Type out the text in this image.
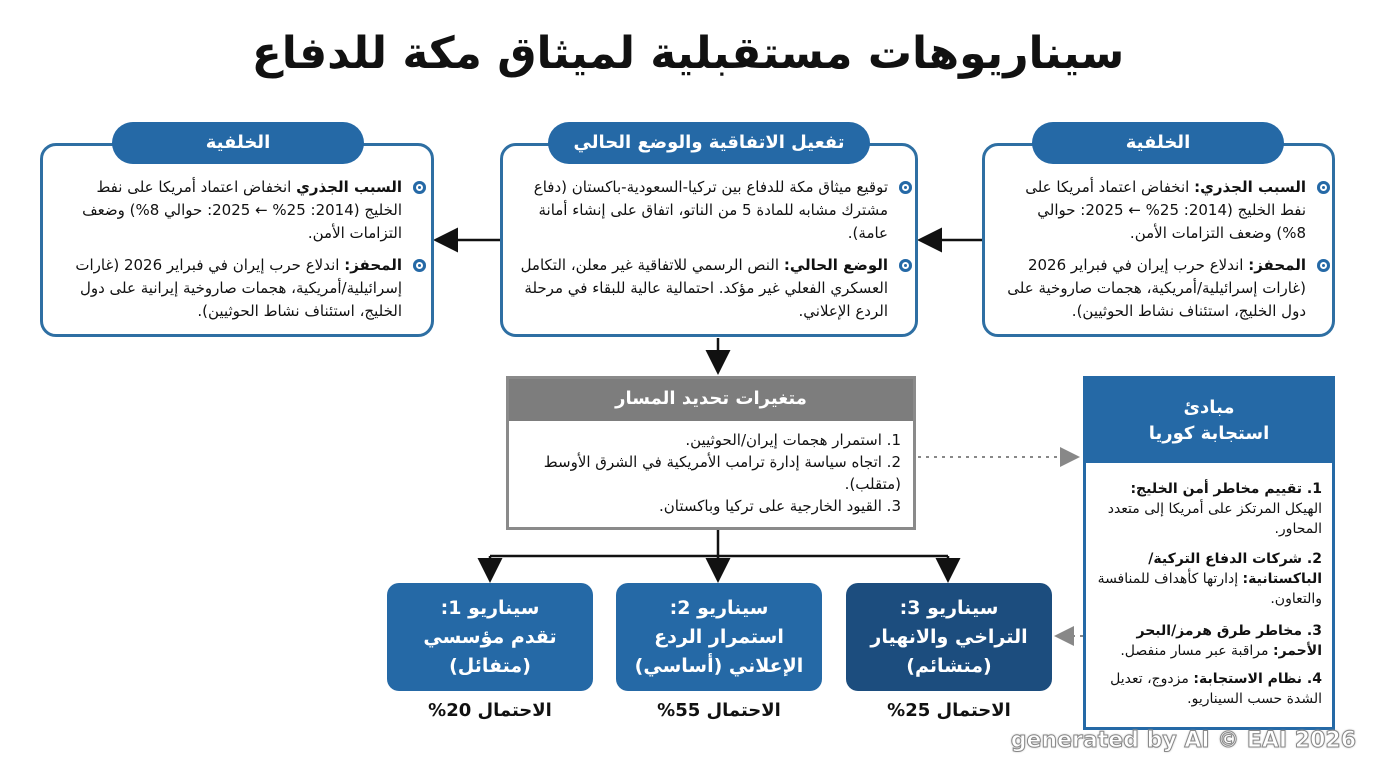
سيناريوهات مستقبلية لميثاق مكة للدفاع
الخلفية
السبب الجذري انخفاض اعتماد أمريكا على نفط الخليج (2014: 25% ← 2025: حوالي 8%) وضعف التزامات الأمن.
المحفز: اندلاع حرب إيران في فبراير 2026 (غارات إسرائيلية/أمريكية، هجمات صاروخية إيرانية على دول الخليج، استئناف نشاط الحوثيين).
تفعيل الاتفاقية والوضع الحالي
توقيع ميثاق مكة للدفاع بين تركيا-السعودية-باكستان (دفاع مشترك مشابه للمادة 5 من الناتو، اتفاق على إنشاء أمانة عامة).
الوضع الحالي: النص الرسمي للاتفاقية غير معلن، التكامل العسكري الفعلي غير مؤكد. احتمالية عالية للبقاء في مرحلة الردع الإعلاني.
الخلفية
السبب الجذري: انخفاض اعتماد أمريكا على نفط الخليج (2014: 25% ← 2025: حوالي 8%) وضعف التزامات الأمن.
المحفز: اندلاع حرب إيران في فبراير 2026 (غارات إسرائيلية/أمريكية، هجمات صاروخية على دول الخليج، استئناف نشاط الحوثيين).
متغيرات تحديد المسار
1. استمرار هجمات إيران/الحوثيين.
2. اتجاه سياسة إدارة ترامب الأمريكية في الشرق الأوسط (متقلب).
3. القيود الخارجية على تركيا وباكستان.
مبادئ
استجابة كوريا
1. تقييم مخاطر أمن الخليج: الهيكل المرتكز على أمريكا إلى متعدد المحاور.
2. شركات الدفاع التركية/الباكستانية: إدارتها كأهداف للمنافسة والتعاون.
3. مخاطر طرق هرمز/البحر الأحمر: مراقبة عبر مسار منفصل.
4. نظام الاستجابة: مزدوج، تعديل الشدة حسب السيناريو.
سيناريو 1:
تقدم مؤسسي
(متفائل)
الاحتمال 20%
سيناريو 2:
استمرار الردع
الإعلاني (أساسي)
الاحتمال 55%
سيناريو 3:
التراخي والانهيار
(متشائم)
الاحتمال 25%
generated by AI © EAI 2026
